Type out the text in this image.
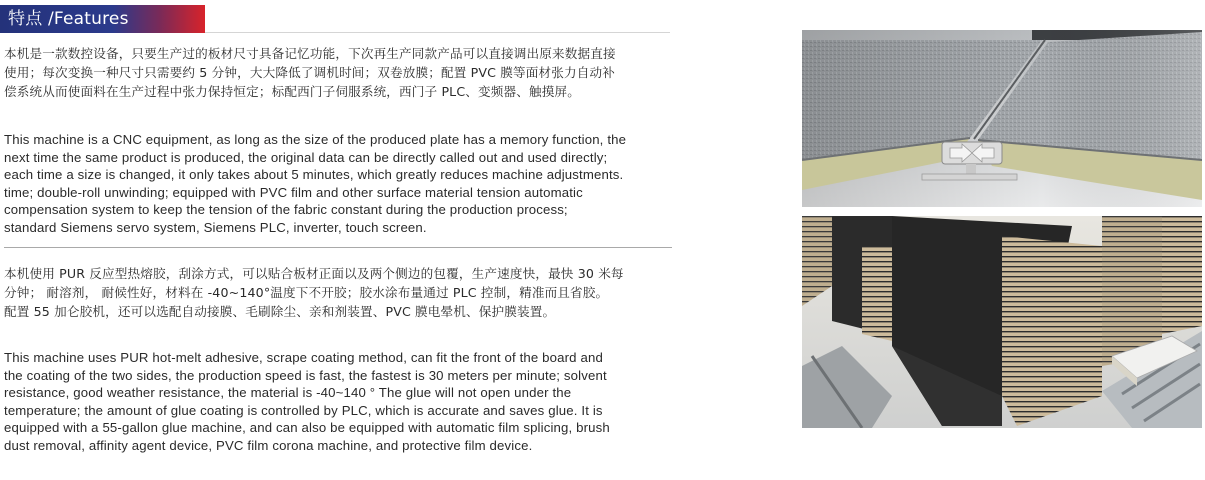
特点 /Features
本机是一款数控设备，只要生产过的板材尺寸具备记忆功能，下次再生产同款产品可以直接调出原来数据直接
使用；每次变换一种尺寸只需要约 5 分钟，大大降低了调机时间；双卷放膜；配置 PVC 膜等面材张力自动补
偿系统从而使面料在生产过程中张力保持恒定；标配西门子伺服系统，西门子 PLC、变频器、触摸屏。
This machine is a CNC equipment, as long as the size of the produced plate has a memory function, the
next time the same product is produced, the original data can be directly called out and used directly;
each time a size is changed, it only takes about 5 minutes, which greatly reduces machine adjustments.
time; double-roll unwinding; equipped with PVC film and other surface material tension automatic
compensation system to keep the tension of the fabric constant during the production process;
standard Siemens servo system, Siemens PLC, inverter, touch screen.
本机使用 PUR 反应型热熔胶，刮涂方式，可以贴合板材正面以及两个侧边的包覆，生产速度快，最快 30 米每
分钟； 耐溶剂， 耐候性好，材料在 -40~140°温度下不开胶；胶水涂布量通过 PLC 控制，精准而且省胶。
配置 55 加仑胶机，还可以选配自动接膜、毛刷除尘、亲和剂装置、PVC 膜电晕机、保护膜装置。
This machine uses PUR hot-melt adhesive, scrape coating method, can fit the front of the board and
the coating of the two sides, the production speed is fast, the fastest is 30 meters per minute; solvent
resistance, good weather resistance, the material is -40~140 ° The glue will not open under the
temperature; the amount of glue coating is controlled by PLC, which is accurate and saves glue. It is
equipped with a 55-gallon glue machine, and can also be equipped with automatic film splicing, brush
dust removal, affinity agent device, PVC film corona machine, and protective film device.
